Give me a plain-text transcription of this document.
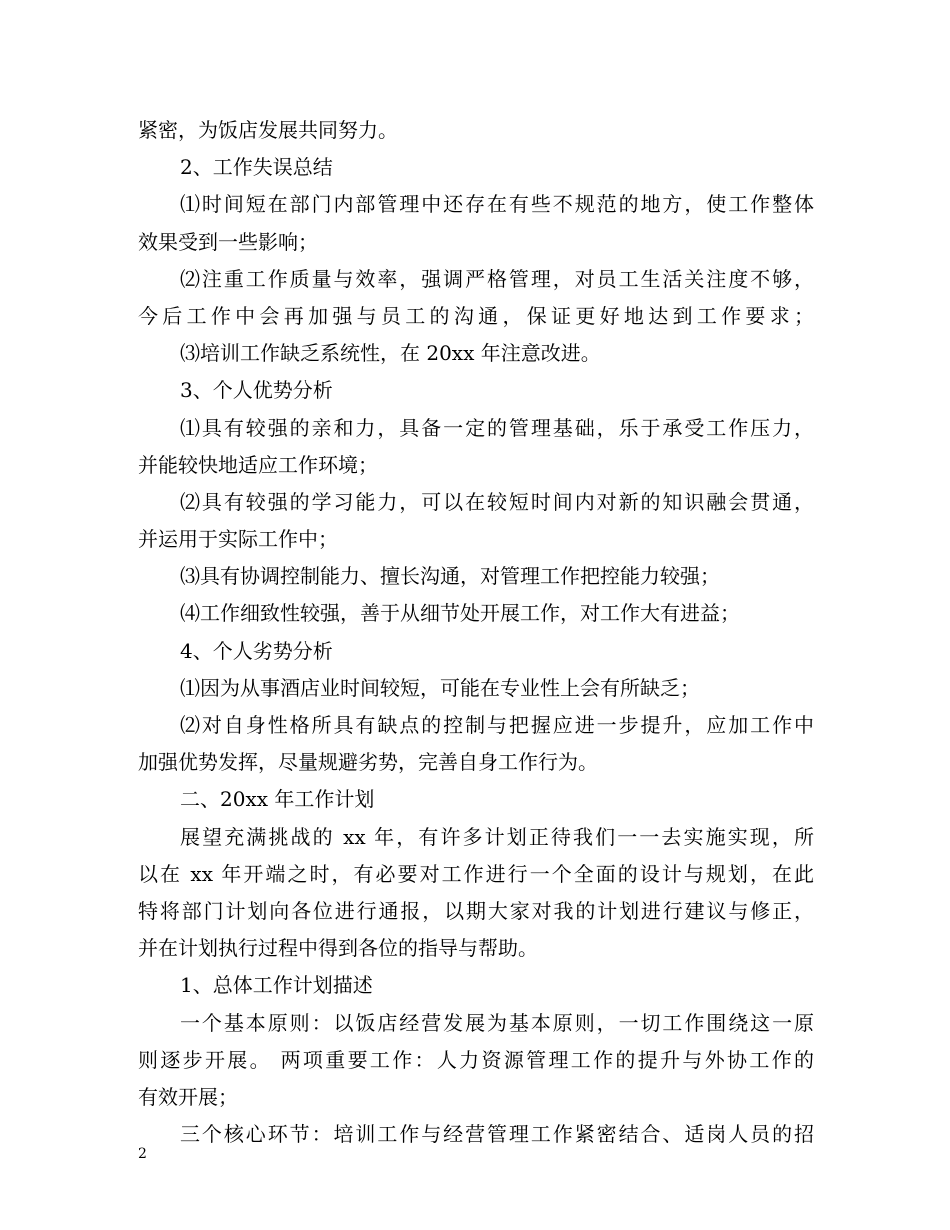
紧密，为饭店发展共同努力。
2、工作失误总结
⑴时间短在部门内部管理中还存在有些不规范的地方，使工作整体
效果受到一些影响；
⑵注重工作质量与效率，强调严格管理，对员工生活关注度不够，
今后工作中会再加强与员工的沟通，保证更好地达到工作要求；
⑶培训工作缺乏系统性，在 20xx 年注意改进。
3、个人优势分析
⑴具有较强的亲和力，具备一定的管理基础，乐于承受工作压力，
并能较快地适应工作环境；
⑵具有较强的学习能力，可以在较短时间内对新的知识融会贯通，
并运用于实际工作中；
⑶具有协调控制能力、擅长沟通，对管理工作把控能力较强；
⑷工作细致性较强，善于从细节处开展工作，对工作大有进益；
4、个人劣势分析
⑴因为从事酒店业时间较短，可能在专业性上会有所缺乏；
⑵对自身性格所具有缺点的控制与把握应进一步提升，应加工作中
加强优势发挥，尽量规避劣势，完善自身工作行为。
二、20xx 年工作计划
展望充满挑战的 xx 年，有许多计划正待我们一一去实施实现，所
以在 xx 年开端之时，有必要对工作进行一个全面的设计与规划，在此
特将部门计划向各位进行通报，以期大家对我的计划进行建议与修正，
并在计划执行过程中得到各位的指导与帮助。
1、总体工作计划描述
一个基本原则：以饭店经营发展为基本原则，一切工作围绕这一原
则逐步开展。 两项重要工作：人力资源管理工作的提升与外协工作的
有效开展；
三个核心环节：培训工作与经营管理工作紧密结合、适岗人员的招
2
